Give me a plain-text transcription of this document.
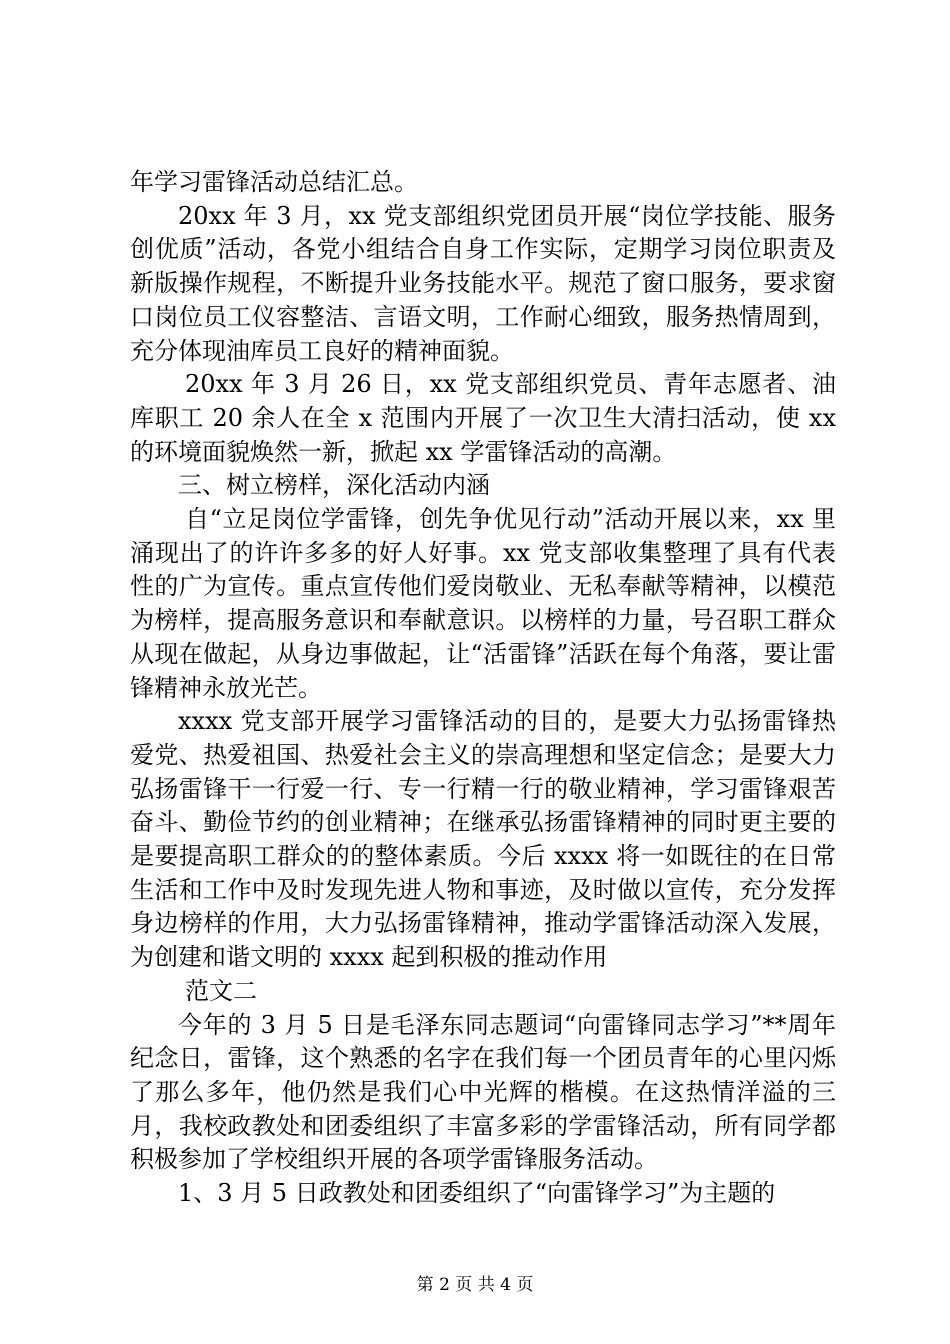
年学习雷锋活动总结汇总。

20xx 年 3 月，xx 党支部组织党团员开展“岗位学技能、服务创优质”活动，各党小组结合自身工作实际，定期学习岗位职责及新版操作规程，不断提升业务技能水平。规范了窗口服务，要求窗口岗位员工仪容整洁、言语文明，工作耐心细致，服务热情周到，充分体现油库员工良好的精神面貌。

20xx 年 3 月 26 日，xx 党支部组织党员、青年志愿者、油库职工 20 余人在全 x 范围内开展了一次卫生大清扫活动，使 xx 的环境面貌焕然一新，掀起 xx 学雷锋活动的高潮。

三、树立榜样，深化活动内涵

自“立足岗位学雷锋，创先争优见行动”活动开展以来，xx 里涌现出了的许许多多的好人好事。xx 党支部收集整理了具有代表性的广为宣传。重点宣传他们爱岗敬业、无私奉献等精神，以模范为榜样，提高服务意识和奉献意识。以榜样的力量，号召职工群众从现在做起，从身边事做起，让“活雷锋”活跃在每个角落，要让雷锋精神永放光芒。

xxxx 党支部开展学习雷锋活动的目的，是要大力弘扬雷锋热爱党、热爱祖国、热爱社会主义的崇高理想和坚定信念；是要大力弘扬雷锋干一行爱一行、专一行精一行的敬业精神，学习雷锋艰苦奋斗、勤俭节约的创业精神；在继承弘扬雷锋精神的同时更主要的是要提高职工群众的的整体素质。今后 xxxx 将一如既往的在日常生活和工作中及时发现先进人物和事迹，及时做以宣传，充分发挥身边榜样的作用，大力弘扬雷锋精神，推动学雷锋活动深入发展，为创建和谐文明的 xxxx 起到积极的推动作用

范文二

今年的 3 月 5 日是毛泽东同志题词“向雷锋同志学习”**周年纪念日，雷锋，这个熟悉的名字在我们每一个团员青年的心里闪烁了那么多年，他仍然是我们心中光辉的楷模。在这热情洋溢的三月，我校政教处和团委组织了丰富多彩的学雷锋活动，所有同学都积极参加了学校组织开展的各项学雷锋服务活动。

1、3 月 5 日政教处和团委组织了“向雷锋学习”为主题的

第 2 页 共 4 页
